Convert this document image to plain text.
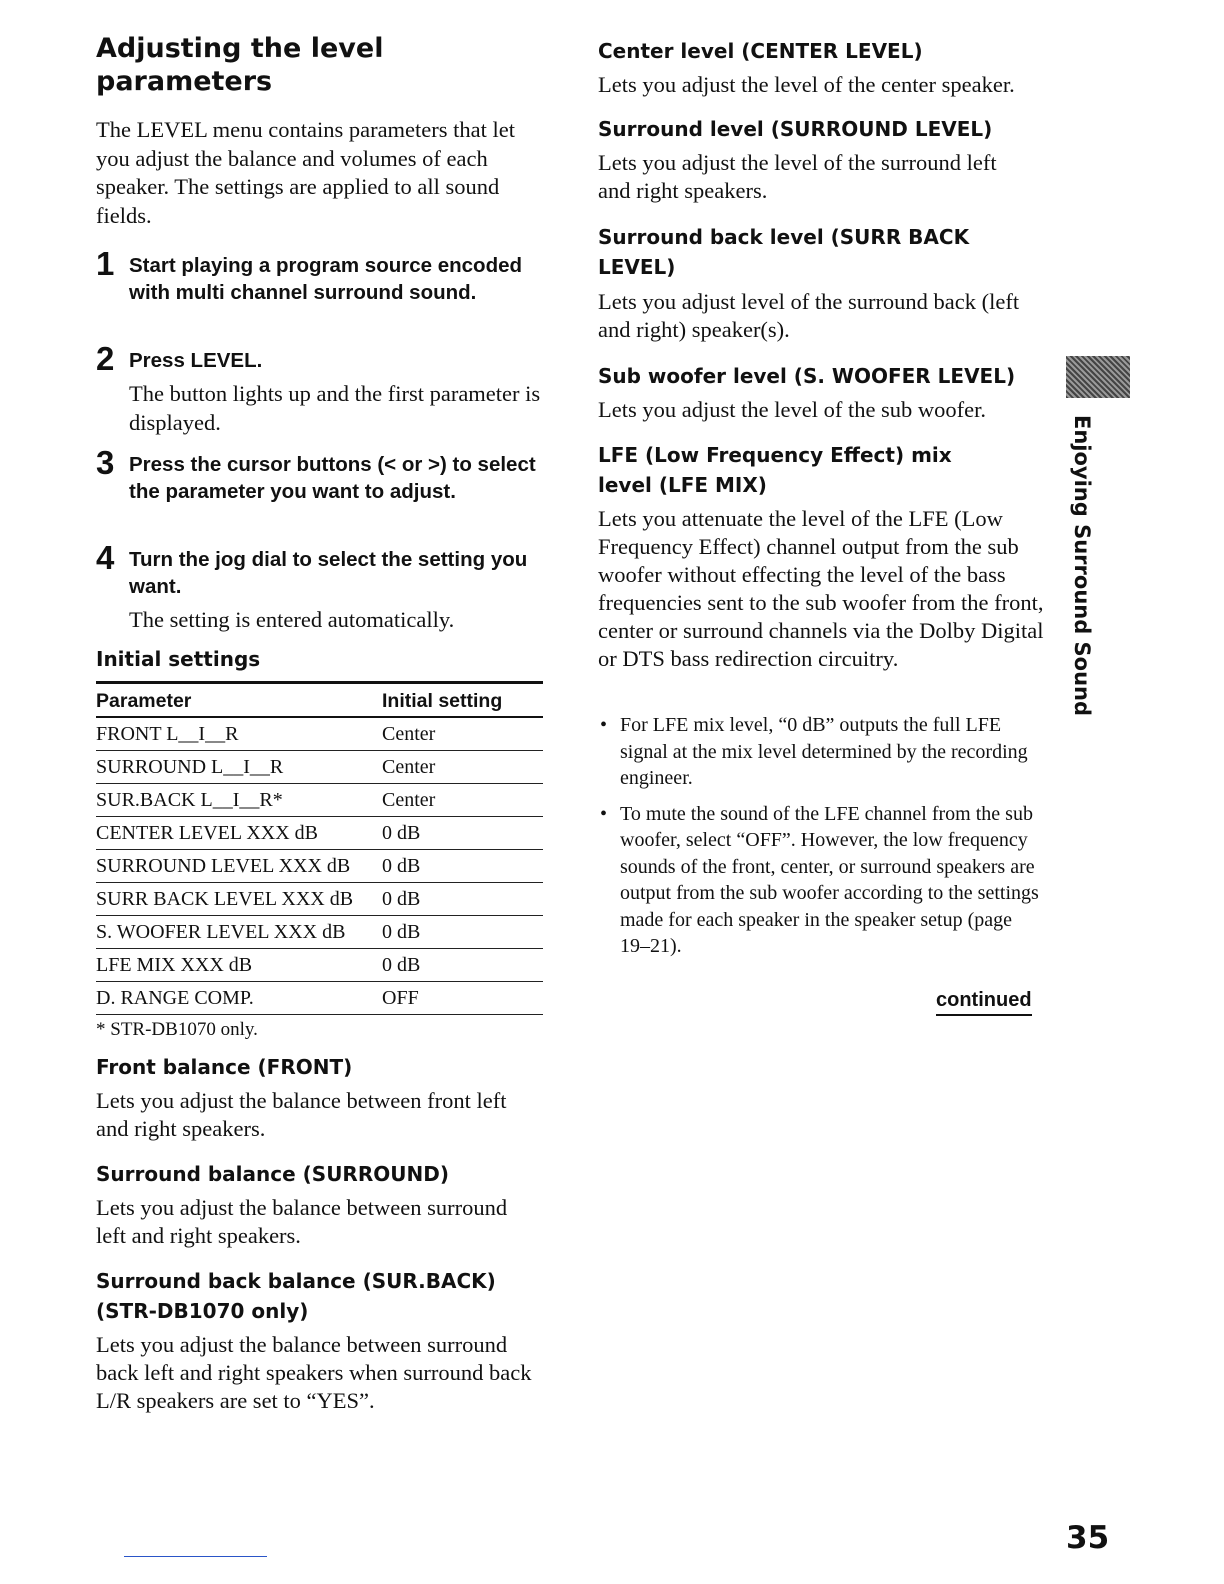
Adjusting the level parameters

The LEVEL menu contains parameters that let you adjust the balance and volumes of each speaker. The settings are applied to all sound fields.

1 Start playing a program source encoded with multi channel surround sound.
2 Press LEVEL.
The button lights up and the first parameter is displayed.
3 Press the cursor buttons (< or >) to select the parameter you want to adjust.
4 Turn the jog dial to select the setting you want.
The setting is entered automatically.
Initial settings
Parameter	Initial setting
FRONT L__I__R	Center
SURROUND L__I__R	Center
SUR.BACK L__I__R*	Center
CENTER LEVEL XXX dB	0 dB
SURROUND LEVEL XXX dB	0 dB
SURR BACK LEVEL XXX dB	0 dB
S. WOOFER LEVEL XXX dB	0 dB
LFE MIX XXX dB	0 dB
D. RANGE COMP.	OFF

* STR-DB1070 only.

Front balance (FRONT)

Lets you adjust the balance between front left and right speakers.

Surround balance (SURROUND)

Lets you adjust the balance between surround left and right speakers.

Surround back balance (SUR.BACK) (STR-DB1070 only)

Lets you adjust the balance between surround back left and right speakers when surround back L/R speakers are set to “YES”.

Center level (CENTER LEVEL)

Lets you adjust the level of the center speaker.

Surround level (SURROUND LEVEL)

Lets you adjust the level of the surround left and right speakers.

Surround back level (SURR BACK LEVEL)

Lets you adjust level of the surround back (left and right) speaker(s).

Sub woofer level (S. WOOFER LEVEL)

Lets you adjust the level of the sub woofer.

LFE (Low Frequency Effect) mix level (LFE MIX)

Lets you attenuate the level of the LFE (Low Frequency Effect) channel output from the sub woofer without effecting the level of the bass frequencies sent to the sub woofer from the front, center or surround channels via the Dolby Digital or DTS bass redirection circuitry.

• For LFE mix level, “0 dB” outputs the full LFE signal at the mix level determined by the recording engineer.
• To mute the sound of the LFE channel from the sub woofer, select “OFF”. However, the low frequency sounds of the front, center, or surround speakers are output from the sub woofer according to the settings made for each speaker in the speaker setup (page 19–21).
continued
Enjoying Surround Sound
35
